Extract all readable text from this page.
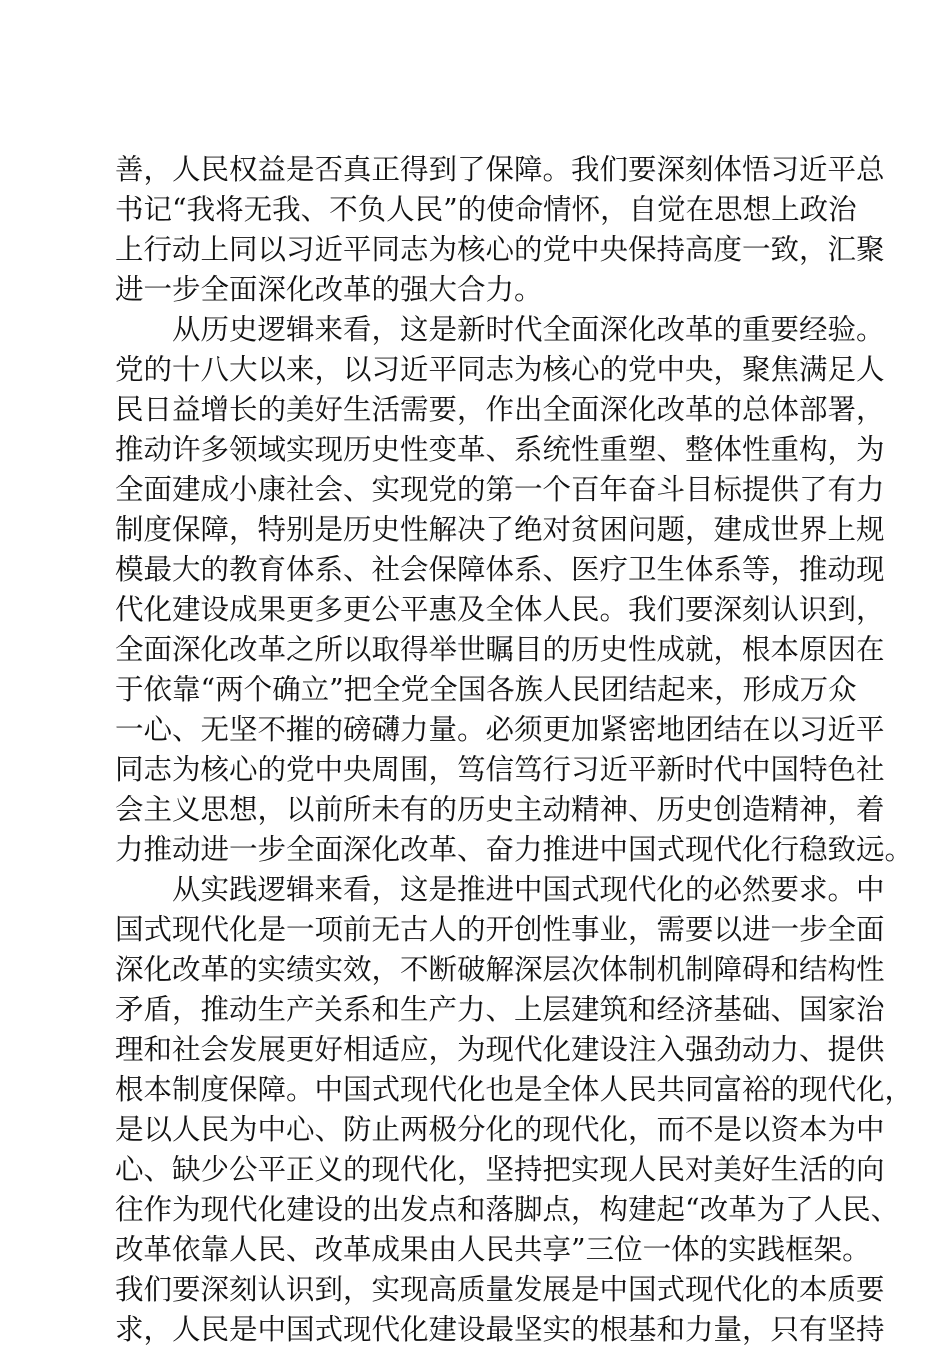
善，人民权益是否真正得到了保障。我们要深刻体悟习近平总
书记“我将无我、不负人民”的使命情怀，自觉在思想上政治
上行动上同以习近平同志为核心的党中央保持高度一致，汇聚
进一步全面深化改革的强大合力。
从历史逻辑来看，这是新时代全面深化改革的重要经验。
党的十八大以来，以习近平同志为核心的党中央，聚焦满足人
民日益增长的美好生活需要，作出全面深化改革的总体部署，
推动许多领域实现历史性变革、系统性重塑、整体性重构，为
全面建成小康社会、实现党的第一个百年奋斗目标提供了有力
制度保障，特别是历史性解决了绝对贫困问题，建成世界上规
模最大的教育体系、社会保障体系、医疗卫生体系等，推动现
代化建设成果更多更公平惠及全体人民。我们要深刻认识到，
全面深化改革之所以取得举世瞩目的历史性成就，根本原因在
于依靠“两个确立”把全党全国各族人民团结起来，形成万众
一心、无坚不摧的磅礴力量。必须更加紧密地团结在以习近平
同志为核心的党中央周围，笃信笃行习近平新时代中国特色社
会主义思想，以前所未有的历史主动精神、历史创造精神，着
力推动进一步全面深化改革、奋力推进中国式现代化行稳致远。
从实践逻辑来看，这是推进中国式现代化的必然要求。中
国式现代化是一项前无古人的开创性事业，需要以进一步全面
深化改革的实绩实效，不断破解深层次体制机制障碍和结构性
矛盾，推动生产关系和生产力、上层建筑和经济基础、国家治
理和社会发展更好相适应，为现代化建设注入强劲动力、提供
根本制度保障。中国式现代化也是全体人民共同富裕的现代化，
是以人民为中心、防止两极分化的现代化，而不是以资本为中
心、缺少公平正义的现代化，坚持把实现人民对美好生活的向
往作为现代化建设的出发点和落脚点，构建起“改革为了人民、
改革依靠人民、改革成果由人民共享”三位一体的实践框架。
我们要深刻认识到，实现高质量发展是中国式现代化的本质要
求，人民是中国式现代化建设最坚实的根基和力量，只有坚持
